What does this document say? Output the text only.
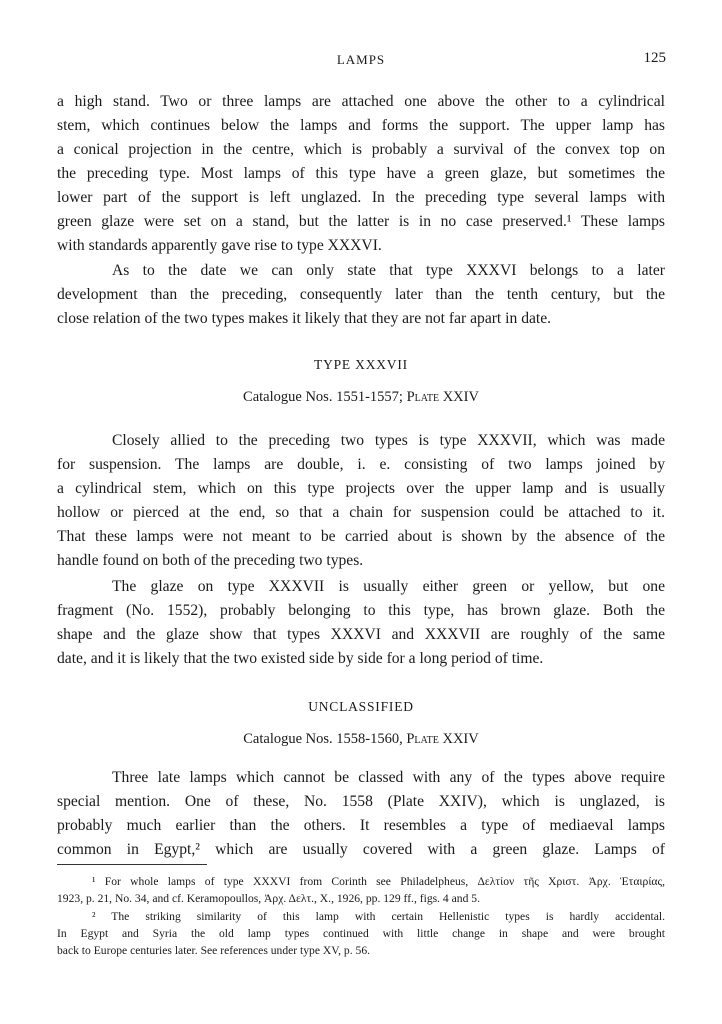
LAMPS	125
a high stand. Two or three lamps are attached one above the other to a cylindrical
stem, which continues below the lamps and forms the support. The upper lamp has
a conical projection in the centre, which is probably a survival of the convex top on
the preceding type. Most lamps of this type have a green glaze, but sometimes the
lower part of the support is left unglazed. In the preceding type several lamps with
green glaze were set on a stand, but the latter is in no case preserved.¹ These lamps
with standards apparently gave rise to type XXXVI.
As to the date we can only state that type XXXVI belongs to a later
development than the preceding, consequently later than the tenth century, but the
close relation of the two types makes it likely that they are not far apart in date.
TYPE XXXVII
Catalogue Nos. 1551-1557; Plate XXIV
Closely allied to the preceding two types is type XXXVII, which was made
for suspension. The lamps are double, i. e. consisting of two lamps joined by
a cylindrical stem, which on this type projects over the upper lamp and is usually
hollow or pierced at the end, so that a chain for suspension could be attached to it.
That these lamps were not meant to be carried about is shown by the absence of the
handle found on both of the preceding two types.
The glaze on type XXXVII is usually either green or yellow, but one
fragment (No. 1552), probably belonging to this type, has brown glaze. Both the
shape and the glaze show that types XXXVI and XXXVII are roughly of the same
date, and it is likely that the two existed side by side for a long period of time.
UNCLASSIFIED
Catalogue Nos. 1558-1560, Plate XXIV
Three late lamps which cannot be classed with any of the types above require
special mention. One of these, No. 1558 (Plate XXIV), which is unglazed, is
probably much earlier than the others. It resembles a type of mediaeval lamps
common in Egypt,² which are usually covered with a green glaze. Lamps of
¹ For whole lamps of type XXXVI from Corinth see Philadelpheus, Δελτίον τῆς Χριστ. Ἀρχ. Ἑταιρίας,
1923, p. 21, No. 34, and cf. Keramopoullos, Ἀρχ. Δελτ., X., 1926, pp. 129 ff., figs. 4 and 5.
² The striking similarity of this lamp with certain Hellenistic types is hardly accidental.
In Egypt and Syria the old lamp types continued with little change in shape and were brought
back to Europe centuries later. See references under type XV, p. 56.
